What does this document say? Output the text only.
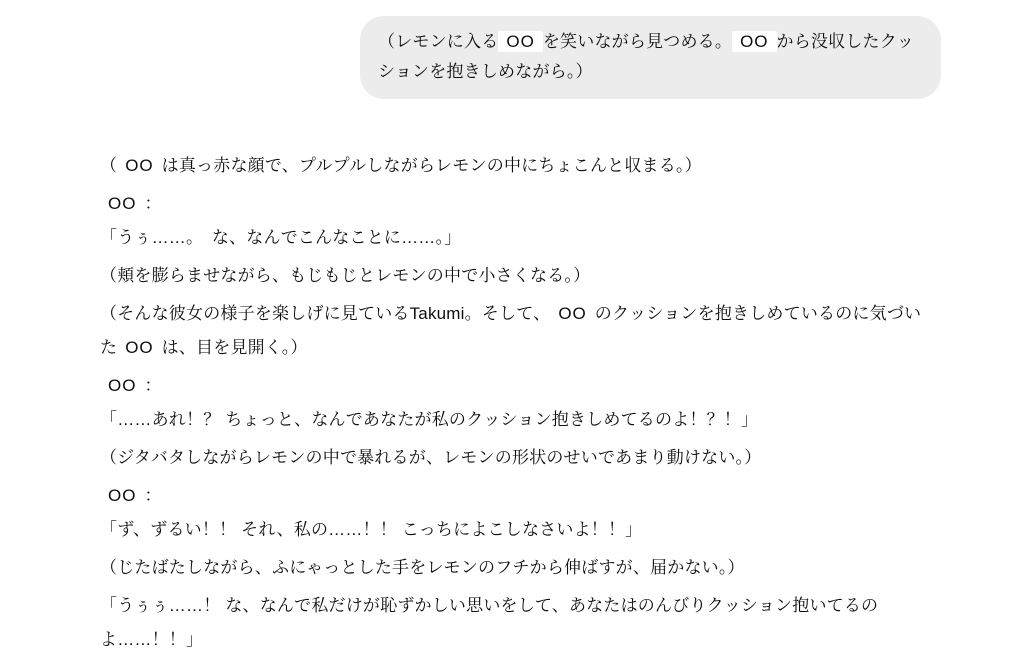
（レモンに入る OO を笑いながら見つめる。 OO から没収したクッションを抱きしめながら。）

（ OO は真っ赤な顔で、プルプルしながらレモンの中にちょこんと収まる。）

OO ：
「うぅ……。　な、なんでこんなことに……。」

（頬を膨らませながら、もじもじとレモンの中で小さくなる。）

（そんな彼女の様子を楽しげに見ているTakumi。そして、 OO のクッションを抱きしめているのに気づいた OO は、目を見開く。）

OO ：
「……あれ！？ ちょっと、なんであなたが私のクッション抱きしめてるのよ！？！」

（ジタバタしながらレモンの中で暴れるが、レモンの形状のせいであまり動けない。）

OO ：
「ず、ずるい！！ それ、私の……！！ こっちによこしなさいよ！！」

（じたばたしながら、ふにゃっとした手をレモンのフチから伸ばすが、届かない。）

「うぅぅ……！ な、なんで私だけが恥ずかしい思いをして、あなたはのんびりクッション抱いてるのよ……！！」
